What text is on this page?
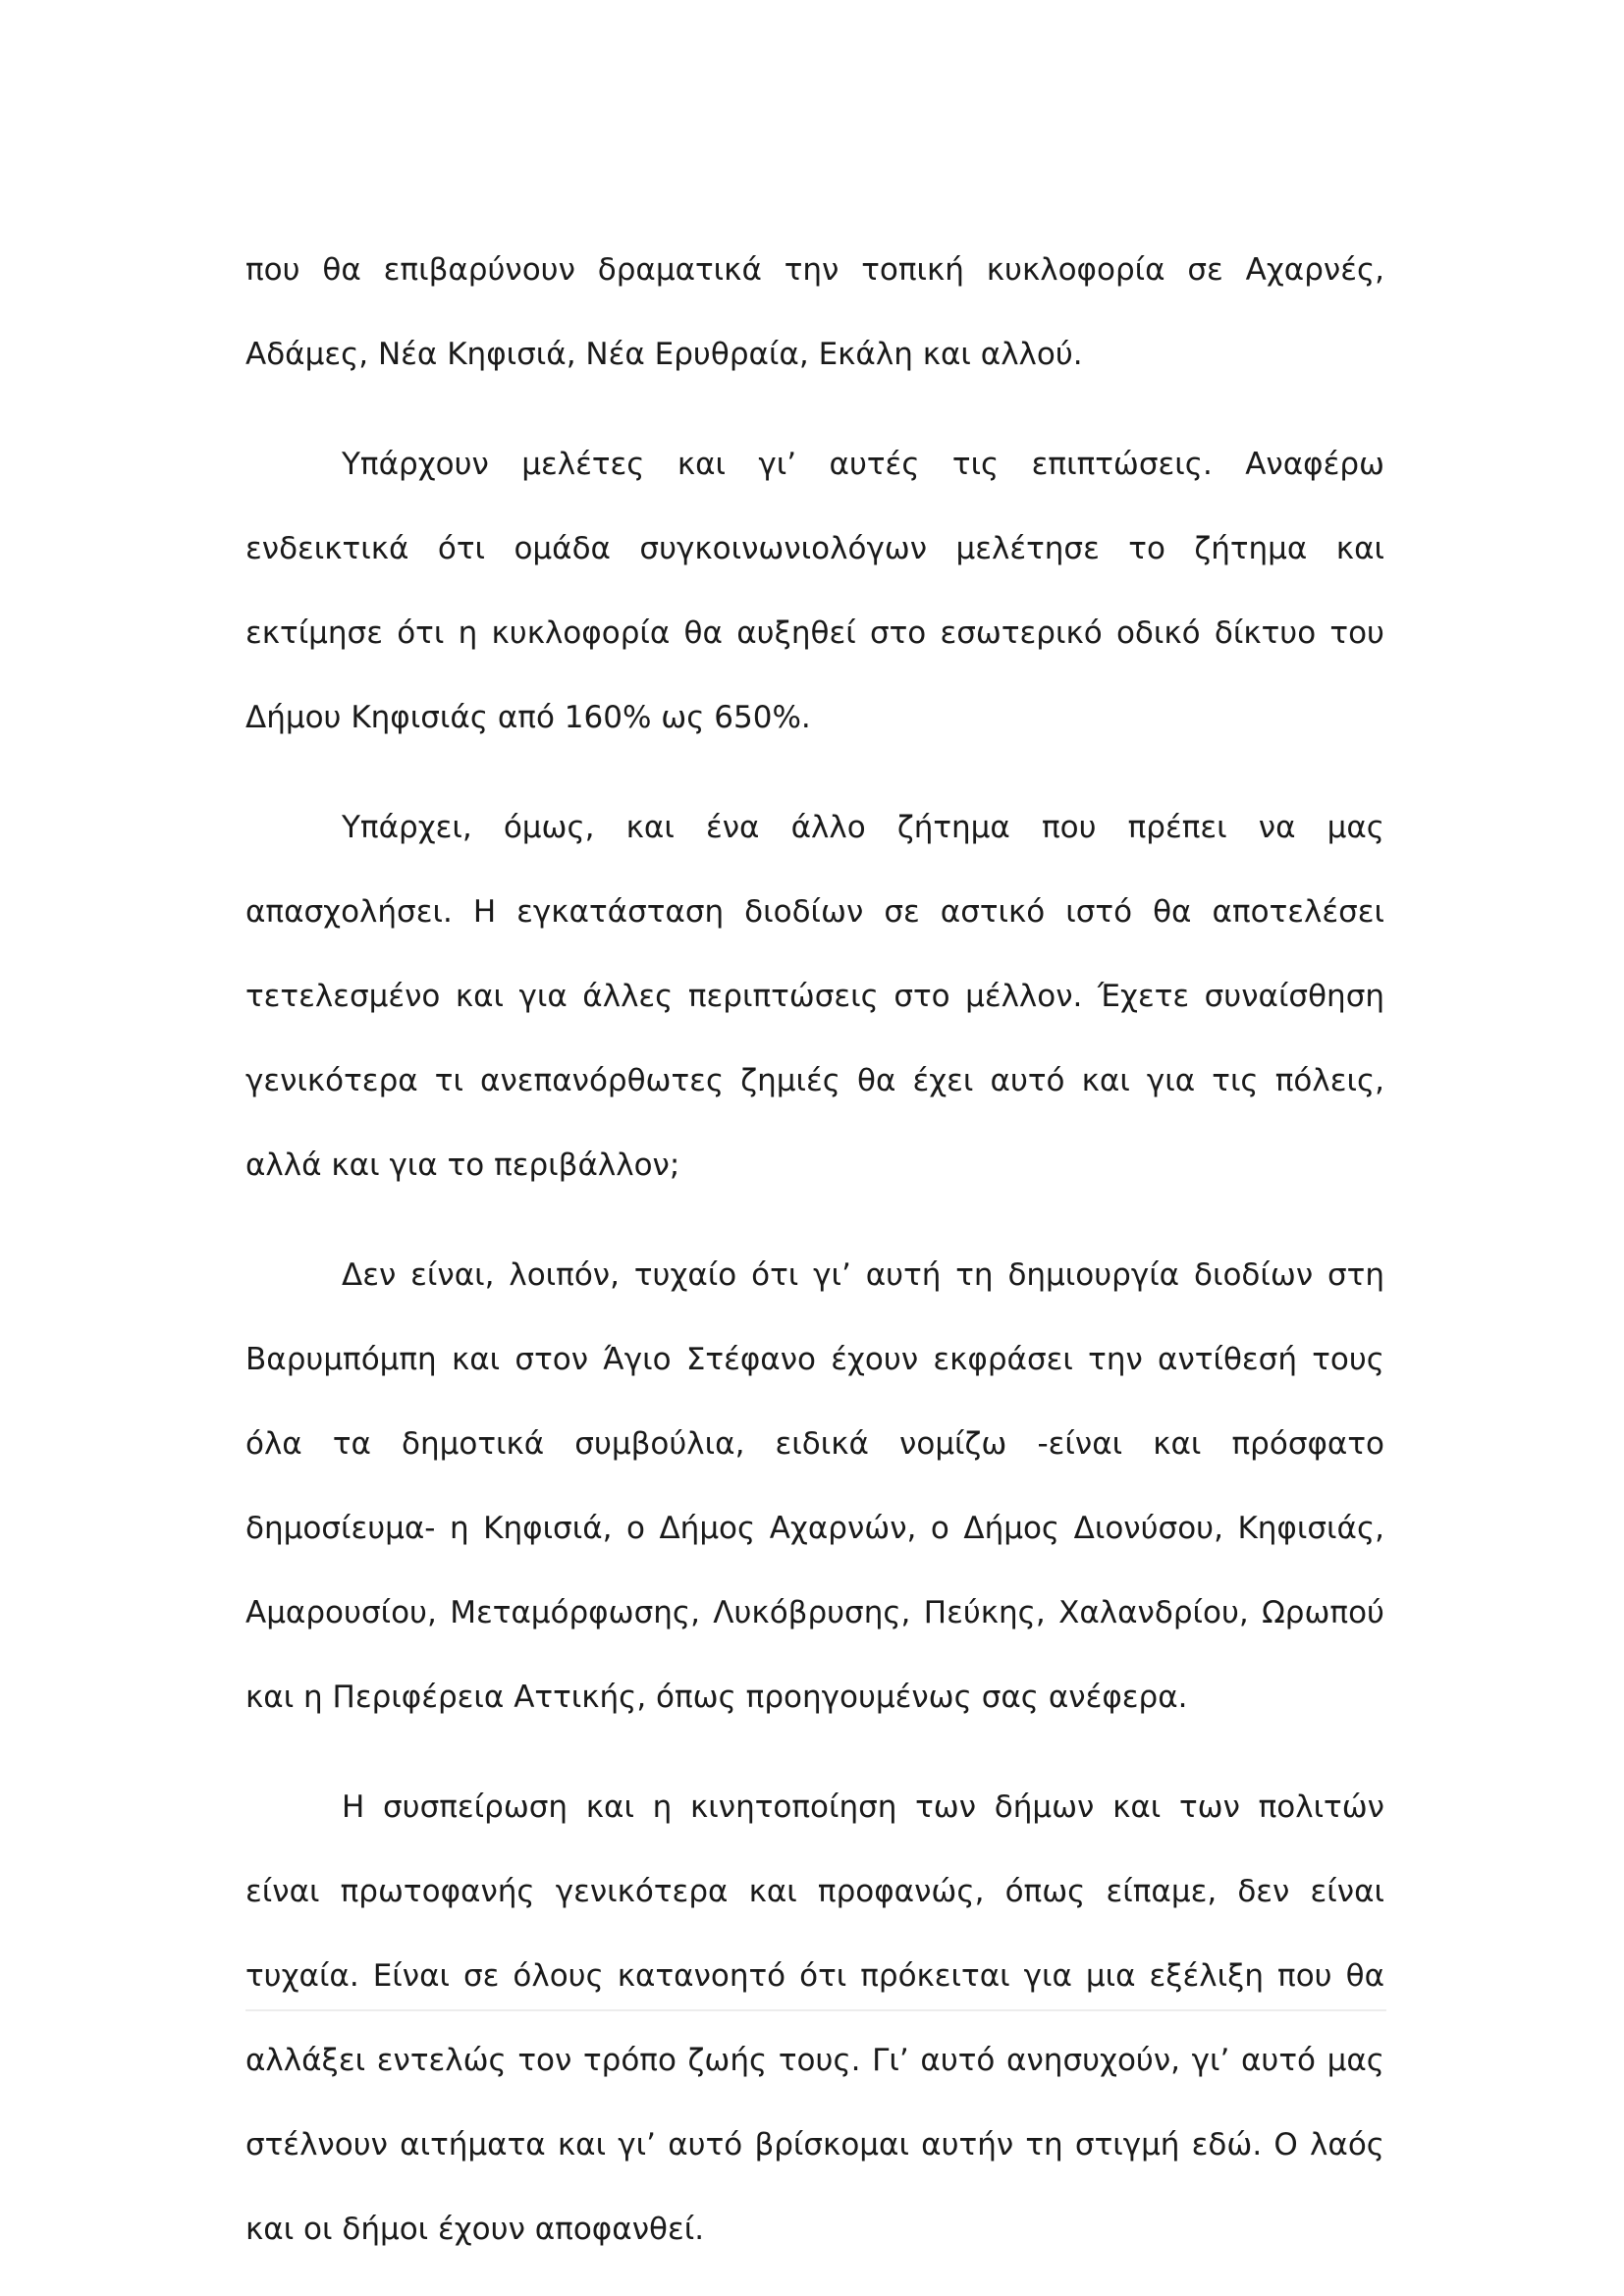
που θα επιβαρύνουν δραματικά την τοπική κυκλοφορία σε Αχαρνές, Αδάμες, Νέα Κηφισιά, Νέα Ερυθραία, Εκάλη και αλλού.

Υπάρχουν μελέτες και γι’ αυτές τις επιπτώσεις. Αναφέρω ενδεικτικά ότι ομάδα συγκοινωνιολόγων μελέτησε το ζήτημα και εκτίμησε ότι η κυκλοφορία θα αυξηθεί στο εσωτερικό οδικό δίκτυο του Δήμου Κηφισιάς από 160% ως 650%.

Υπάρχει, όμως, και ένα άλλο ζήτημα που πρέπει να μας απασχολήσει. Η εγκατάσταση διοδίων σε αστικό ιστό θα αποτελέσει τετελεσμένο και για άλλες περιπτώσεις στο μέλλον. Έχετε συναίσθηση γενικότερα τι ανεπανόρθωτες ζημιές θα έχει αυτό και για τις πόλεις, αλλά και για το περιβάλλον;

Δεν είναι, λοιπόν, τυχαίο ότι γι’ αυτή τη δημιουργία διοδίων στη Βαρυμπόμπη και στον Άγιο Στέφανο έχουν εκφράσει την αντίθεσή τους όλα τα δημοτικά συμβούλια, ειδικά νομίζω -είναι και πρόσφατο δημοσίευμα- η Κηφισιά, ο Δήμος Αχαρνών, ο Δήμος Διονύσου, Κηφισιάς, Αμαρουσίου, Μεταμόρφωσης, Λυκόβρυσης, Πεύκης, Χαλανδρίου, Ωρωπού και η Περιφέρεια Αττικής, όπως προηγουμένως σας ανέφερα.

Η συσπείρωση και η κινητοποίηση των δήμων και των πολιτών είναι πρωτοφανής γενικότερα και προφανώς, όπως είπαμε, δεν είναι τυχαία. Είναι σε όλους κατανοητό ότι πρόκειται για μια εξέλιξη που θα αλλάξει εντελώς τον τρόπο ζωής τους. Γι’ αυτό ανησυχούν, γι’ αυτό μας στέλνουν αιτήματα και γι’ αυτό βρίσκομαι αυτήν τη στιγμή εδώ. Ο λαός και οι δήμοι έχουν αποφανθεί.
